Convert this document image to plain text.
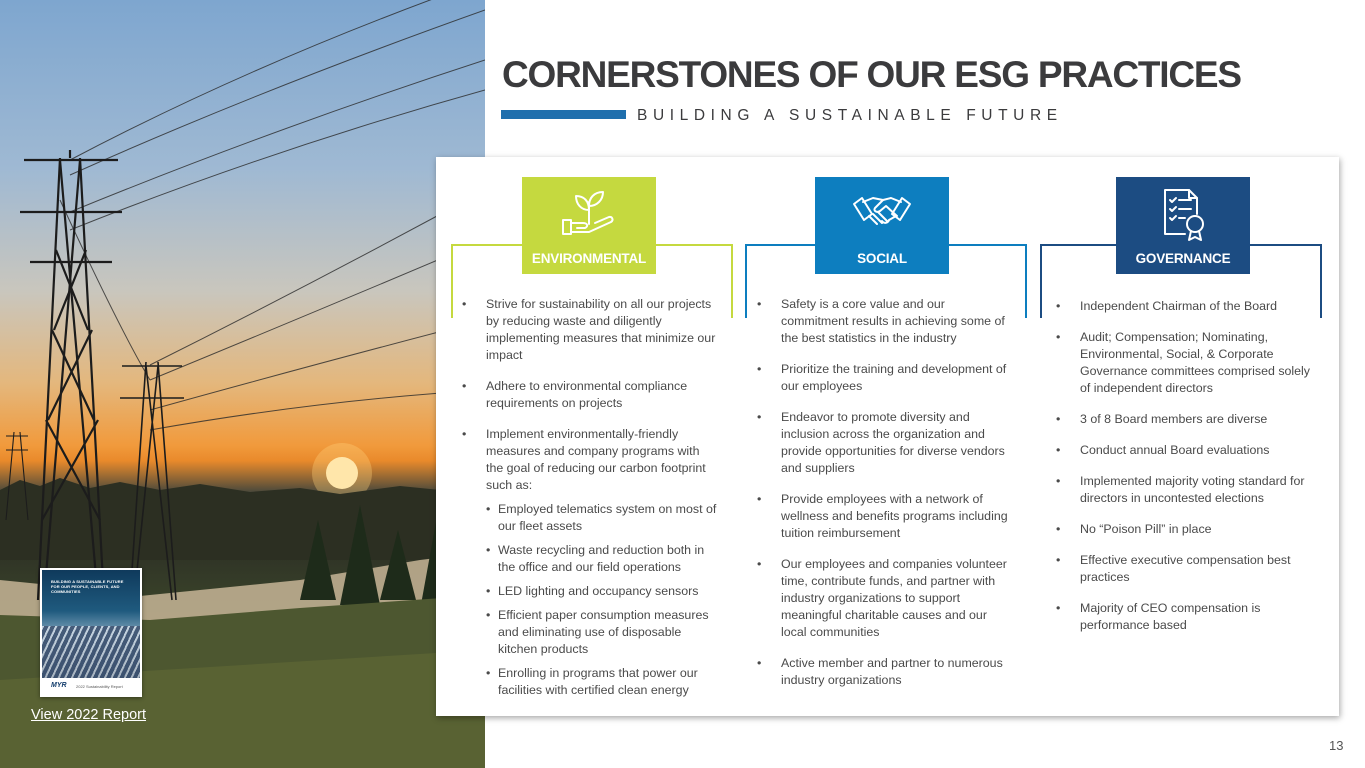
BUILDING A SUSTAINABLE FUTURE FOR OUR PEOPLE, CLIENTS, AND COMMUNITIES
MYR 2022 Sustainability Report
View 2022 Report
CORNERSTONES OF OUR ESG PRACTICES
BUILDING A SUSTAINABLE FUTURE
ENVIRONMENTAL
• Strive for sustainability on all our projects by reducing waste and diligently implementing measures that minimize our impact
• Adhere to environmental compliance requirements on projects
• Implement environmentally-friendly measures and company programs with the goal of reducing our carbon footprint such as:
• Employed telematics system on most of our fleet assets
• Waste recycling and reduction both in the office and our field operations
• LED lighting and occupancy sensors
• Efficient paper consumption measures and eliminating use of disposable kitchen products
• Enrolling in programs that power our facilities with certified clean energy
SOCIAL
• Safety is a core value and our commitment results in achieving some of the best statistics in the industry
• Prioritize the training and development of our employees
• Endeavor to promote diversity and inclusion across the organization and provide opportunities for diverse vendors and suppliers
• Provide employees with a network of wellness and benefits programs including tuition reimbursement
• Our employees and companies volunteer time, contribute funds, and partner with industry organizations to support meaningful charitable causes and our local communities
• Active member and partner to numerous industry organizations
GOVERNANCE
• Independent Chairman of the Board
• Audit; Compensation; Nominating, Environmental, Social, & Corporate Governance committees comprised solely of independent directors
• 3 of 8 Board members are diverse
• Conduct annual Board evaluations
• Implemented majority voting standard for directors in uncontested elections
• No “Poison Pill” in place
• Effective executive compensation best practices
• Majority of CEO compensation is performance based
13
